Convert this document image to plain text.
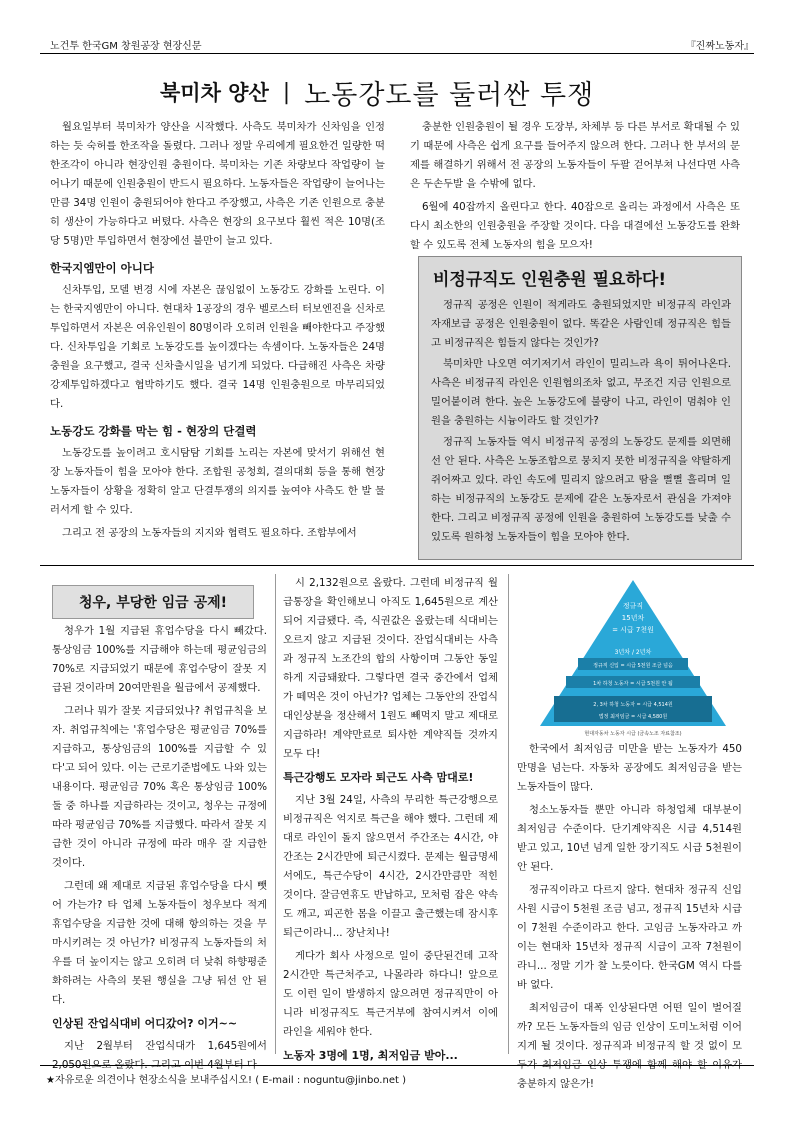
노건투 한국GM 창원공장 현장신문	『진짜노동자』
북미차 양산 | 노동강도를 둘러싼 투쟁

월요일부터 북미차가 양산을 시작했다. 사측도 북미차가 신차임을 인정하는 듯 숙허를 한조작을 돌렸다. 그러나 정말 우리에게 필요한건 일량한 떡 한조각이 아니라 현장인원 충원이다. 북미차는 기존 차량보다 작업량이 늘어나기 때문에 인원충원이 반드시 필요하다. 노동자들은 작업량이 늘어나는 만큼 34명 인원이 충원되어야 한다고 주장했고, 사측은 기존 인원으로 충분히 생산이 가능하다고 버텼다. 사측은 현장의 요구보다 훨씬 적은 10명(조당 5명)만 투입하면서 현장에선 불만이 늘고 있다.

한국지엠만이 아니다

신차투입, 모델 변경 시에 자본은 끊임없이 노동강도 강화를 노린다. 이는 한국지엠만이 아니다. 현대차 1공장의 경우 벨로스터 터보엔진을 신차로 투입하면서 자본은 여유인원이 80명이라 오히려 인원을 빼야한다고 주장했다. 신차투입을 기회로 노동강도를 높이겠다는 속셈이다. 노동자들은 24명 충원을 요구했고, 결국 신차출시일을 넘기게 되었다. 다급해진 사측은 차량 강제투입하겠다고 협박하기도 했다. 결국 14명 인원충원으로 마무리되었다.

노동강도 강화를 막는 힘 - 현장의 단결력

노동강도를 높이려고 호시탐탐 기회를 노리는 자본에 맞서기 위해선 현장 노동자들이 힘을 모아야 한다. 조합원 공청회, 결의대회 등을 통해 현장노동자들이 상황을 정확히 알고 단결투쟁의 의지를 높여야 사측도 한 발 물러서게 할 수 있다.

그리고 전 공장의 노동자들의 지지와 협력도 필요하다. 조합부에서

충분한 인원충원이 될 경우 도장부, 차체부 등 다른 부서로 확대될 수 있기 때문에 사측은 쉽게 요구를 들어주지 않으려 한다. 그러나 한 부서의 문제를 해결하기 위해서 전 공장의 노동자들이 두팔 걷어부쳐 나선다면 사측은 두손두발 을 수밖에 없다.

6월에 40잡까지 올린다고 한다. 40잡으로 올리는 과정에서 사측은 또다시 최소한의 인원충원을 주장할 것이다. 다음 대결에선 노동강도를 완화할 수 있도록 전체 노동자의 힘을 모으자!

비정규직도 인원충원 필요하다!

정규직 공정은 인원이 적게라도 충원되었지만 비정규직 라인과 자재보급 공정은 인원충원이 없다. 똑같은 사람인데 정규직은 힘들고 비정규직은 힘들지 않다는 것인가?

북미차만 나오면 여기저기서 라인이 밀리느라 욕이 튀어나온다. 사측은 비정규직 라인은 인원협의조차 없고, 무조건 지금 인원으로 밀어붙이려 한다. 높은 노동강도에 불량이 나고, 라인이 멈춰야 인원을 충원하는 시늉이라도 할 것인가?

정규직 노동자들 역시 비정규직 공정의 노동강도 문제를 외면해선 안 된다. 사측은 노동조합으로 뭉치지 못한 비정규직을 약탈하게 쥐어짜고 있다. 라인 속도에 밀리지 않으려고 땀을 뻘뻘 흘리며 일하는 비정규직의 노동강도 문제에 같은 노동자로서 관심을 가져야 한다. 그리고 비정규직 공정에 인원을 충원하여 노동강도를 낮출 수 있도록 원하청 노동자들이 힘을 모아야 한다.

청우, 부당한 임금 공제!

청우가 1월 지급된 휴업수당을 다시 빼갔다. 통상임금 100%를 지급해야 하는데 평균임금의 70%로 지급되었기 때문에 휴업수당이 잘못 지급된 것이라며 20여만원을 월급에서 공제했다.

그러나 뭐가 잘못 지급되었나? 취업규칙을 보자. 취업규칙에는 '휴업수당은 평균임금 70%를 지급하고, 통상임금의 100%를 지급할 수 있다'고 되어 있다. 이는 근로기준법에도 나와 있는 내용이다. 평균임금 70% 혹은 통상임금 100% 둘 중 하나를 지급하라는 것이고, 청우는 규정에 따라 평균임금 70%를 지급했다. 따라서 잘못 지급한 것이 아니라 규정에 따라 매우 잘 지급한 것이다.

그런데 왜 제대로 지급된 휴업수당을 다시 뺏어 가는가? 타 업체 노동자들이 청우보다 적게 휴업수당을 지급한 것에 대해 항의하는 것을 무마시키려는 것 아닌가? 비정규직 노동자들의 처우를 더 높이지는 않고 오히려 더 낮춰 하향평준화하려는 사측의 못된 행실을 그냥 둬선 안 된다.

인상된 잔업식대비 어디갔어? 이거~~

지난 2월부터 잔업식대가 1,645원에서 2,050원으로 올랐다. 그리고 이번 4월부터 다

시 2,132원으로 올랐다. 그런데 비정규직 월급통장을 확인해보니 아직도 1,645원으로 계산되어 지급됐다. 즉, 식권값은 올랐는데 식대비는 오르지 않고 지급된 것이다. 잔업식대비는 사측과 정규직 노조간의 합의 사항이며 그동안 동일하게 지급돼왔다. 그렇다면 결국 중간에서 업체가 떼먹은 것이 아닌가? 업체는 그동안의 잔업식대인상분을 정산해서 1원도 빼먹지 말고 제대로 지급하라! 계약만료로 퇴사한 계약직들 것까지 모두 다!

특근강행도 모자라 퇴근도 사측 맘대로!

지난 3월 24일, 사측의 무리한 특근강행으로 비정규직은 억지로 특근을 해야 했다. 그런데 제대로 라인이 돌지 않으면서 주간조는 4시간, 야간조는 2시간만에 퇴근시켰다. 문제는 월급명세서에도, 특근수당이 4시간, 2시간만큼만 적힌 것이다. 잘금연휴도 반납하고, 모처럼 잡은 약속도 깨고, 피곤한 몸을 이끌고 출근했는데 잠시후 퇴근이라니... 장난치나!

게다가 회사 사정으로 일이 중단된건데 고작 2시간만 특근처주고, 나몰라라 하다니! 앞으로도 이런 일이 발생하지 않으려면 정규직만이 아니라 비정규직도 특근거부에 참여시켜서 이에 라인을 세워야 한다.

노동자 3명에 1명, 최저임금 받아...

정규직
15년차
= 시급 7천원
3년차 / 2년차
정규직 신입 = 시급 5천원 조금 넘음
1차 하청 노동자 = 시급 5천원 안 됨
2, 3차 하청 노동자 = 시급 4,514원
법정 최저임금 = 시급 4,580원
현대자동차 노동자 시급 (금속노조 자료참조)

한국에서 최저임금 미만을 받는 노동자가 450만명을 넘는다. 자동차 공장에도 최저임금을 받는 노동자들이 많다.

청소노동자들 뿐만 아니라 하청업체 대부분이 최저임금 수준이다. 단기계약직은 시급 4,514원 받고 있고, 10년 넘게 일한 장기직도 시급 5천원이 안 된다.

정규직이라고 다르지 않다. 현대차 정규직 신입사원 시급이 5천원 조금 넘고, 정규직 15년차 시급이 7천원 수준이라고 한다. 고임금 노동자라고 까이는 현대차 15년차 정규직 시급이 고작 7천원이라니... 정말 기가 찰 노릇이다. 한국GM 역시 다를 바 없다.

최저임금이 대폭 인상된다면 어떤 일이 벌어질까? 모든 노동자들의 임금 인상이 도미노처럼 이어지게 될 것이다. 정규직과 비정규직 할 것 없이 모두가 최저임금 인상 투쟁에 함께 해야 할 이유가 충분하지 않은가!

★자유로운 의견이나 현장소식을 보내주십시오! ( E-mail : noguntu@jinbo.net )
